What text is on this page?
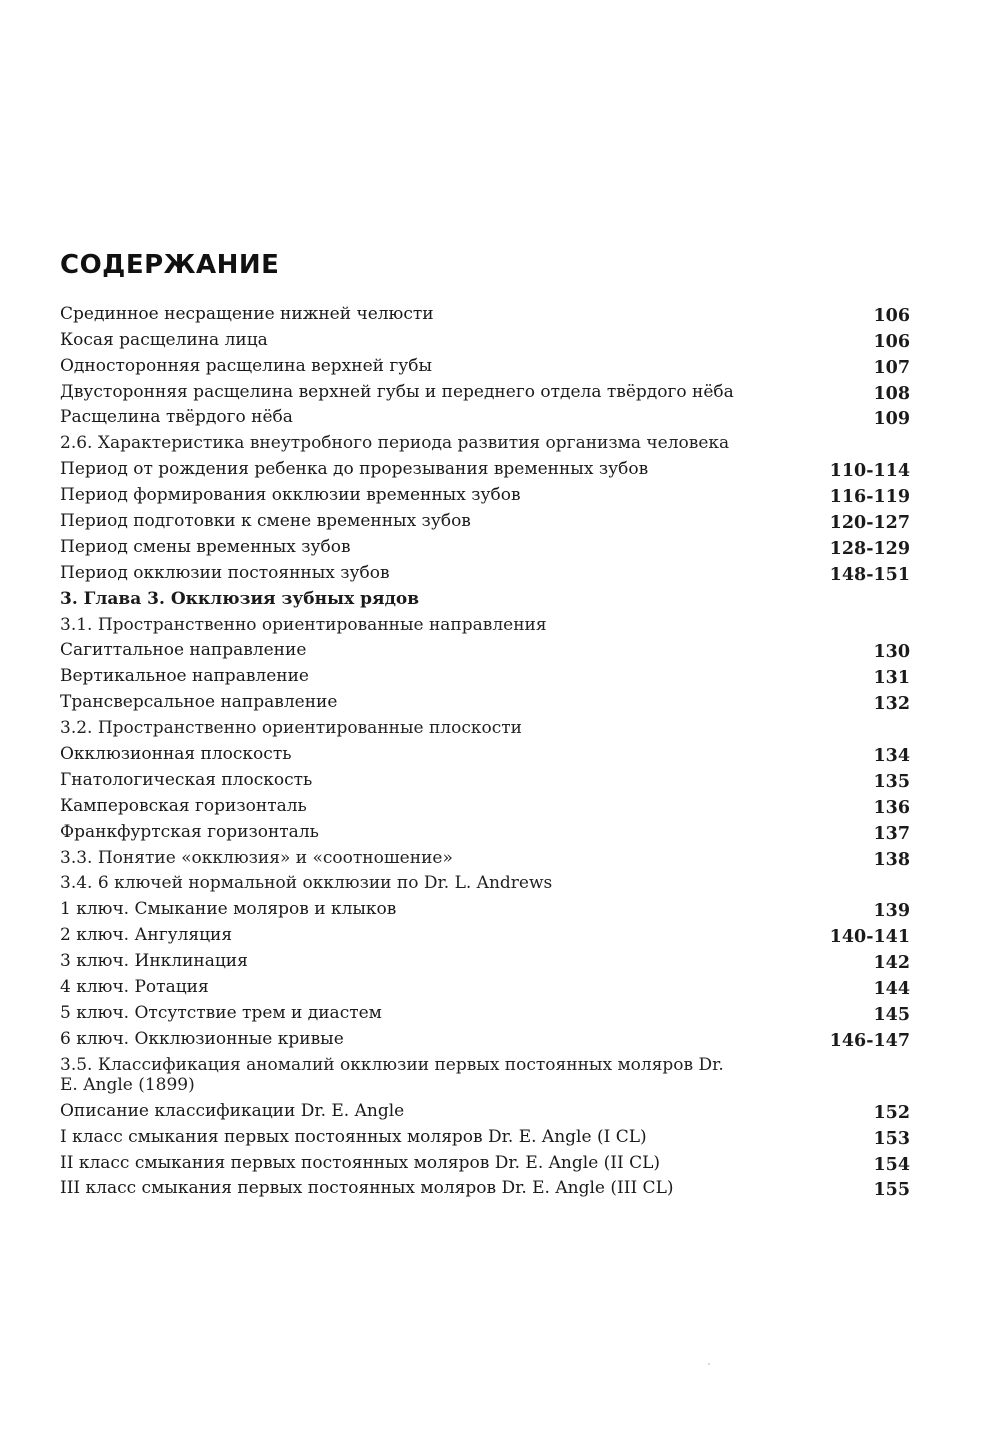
СОДЕРЖАНИЕ
Срединное несращение нижней челюсти	106
Косая расщелина лица	106
Односторонняя расщелина верхней губы	107
Двусторонняя расщелина верхней губы и переднего отдела твёрдого нёба	108
Расщелина твёрдого нёба	109
2.6. Характеристика внеутробного периода развития организма человека
Период от рождения ребенка до прорезывания временных зубов	110-114
Период формирования окклюзии временных зубов	116-119
Период подготовки к смене временных зубов	120-127
Период смены временных зубов	128-129
Период окклюзии постоянных зубов	148-151
3. Глава 3. Окклюзия зубных рядов
3.1. Пространственно ориентированные направления
Сагиттальное направление	130
Вертикальное направление	131
Трансверсальное направление	132
3.2. Пространственно ориентированные плоскости
Окклюзионная плоскость	134
Гнатологическая плоскость	135
Камперовская горизонталь	136
Франкфуртская горизонталь	137
3.3. Понятие «окклюзия» и «соотношение»	138
3.4. 6 ключей нормальной окклюзии по Dr. L. Andrews
1 ключ. Смыкание моляров и клыков	139
2 ключ. Ангуляция	140-141
3 ключ. Инклинация	142
4 ключ. Ротация	144
5 ключ. Отсутствие трем и диастем	145
6 ключ. Окклюзионные кривые	146-147
3.5. Классификация аномалий окклюзии первых постоянных моляров Dr. E. Angle (1899)
Описание классификации Dr. E. Angle	152
I класс смыкания первых постоянных моляров Dr. E. Angle (I CL)	153
II класс смыкания первых постоянных моляров Dr. E. Angle (II CL)	154
III класс смыкания первых постоянных моляров Dr. E. Angle (III CL)	155
